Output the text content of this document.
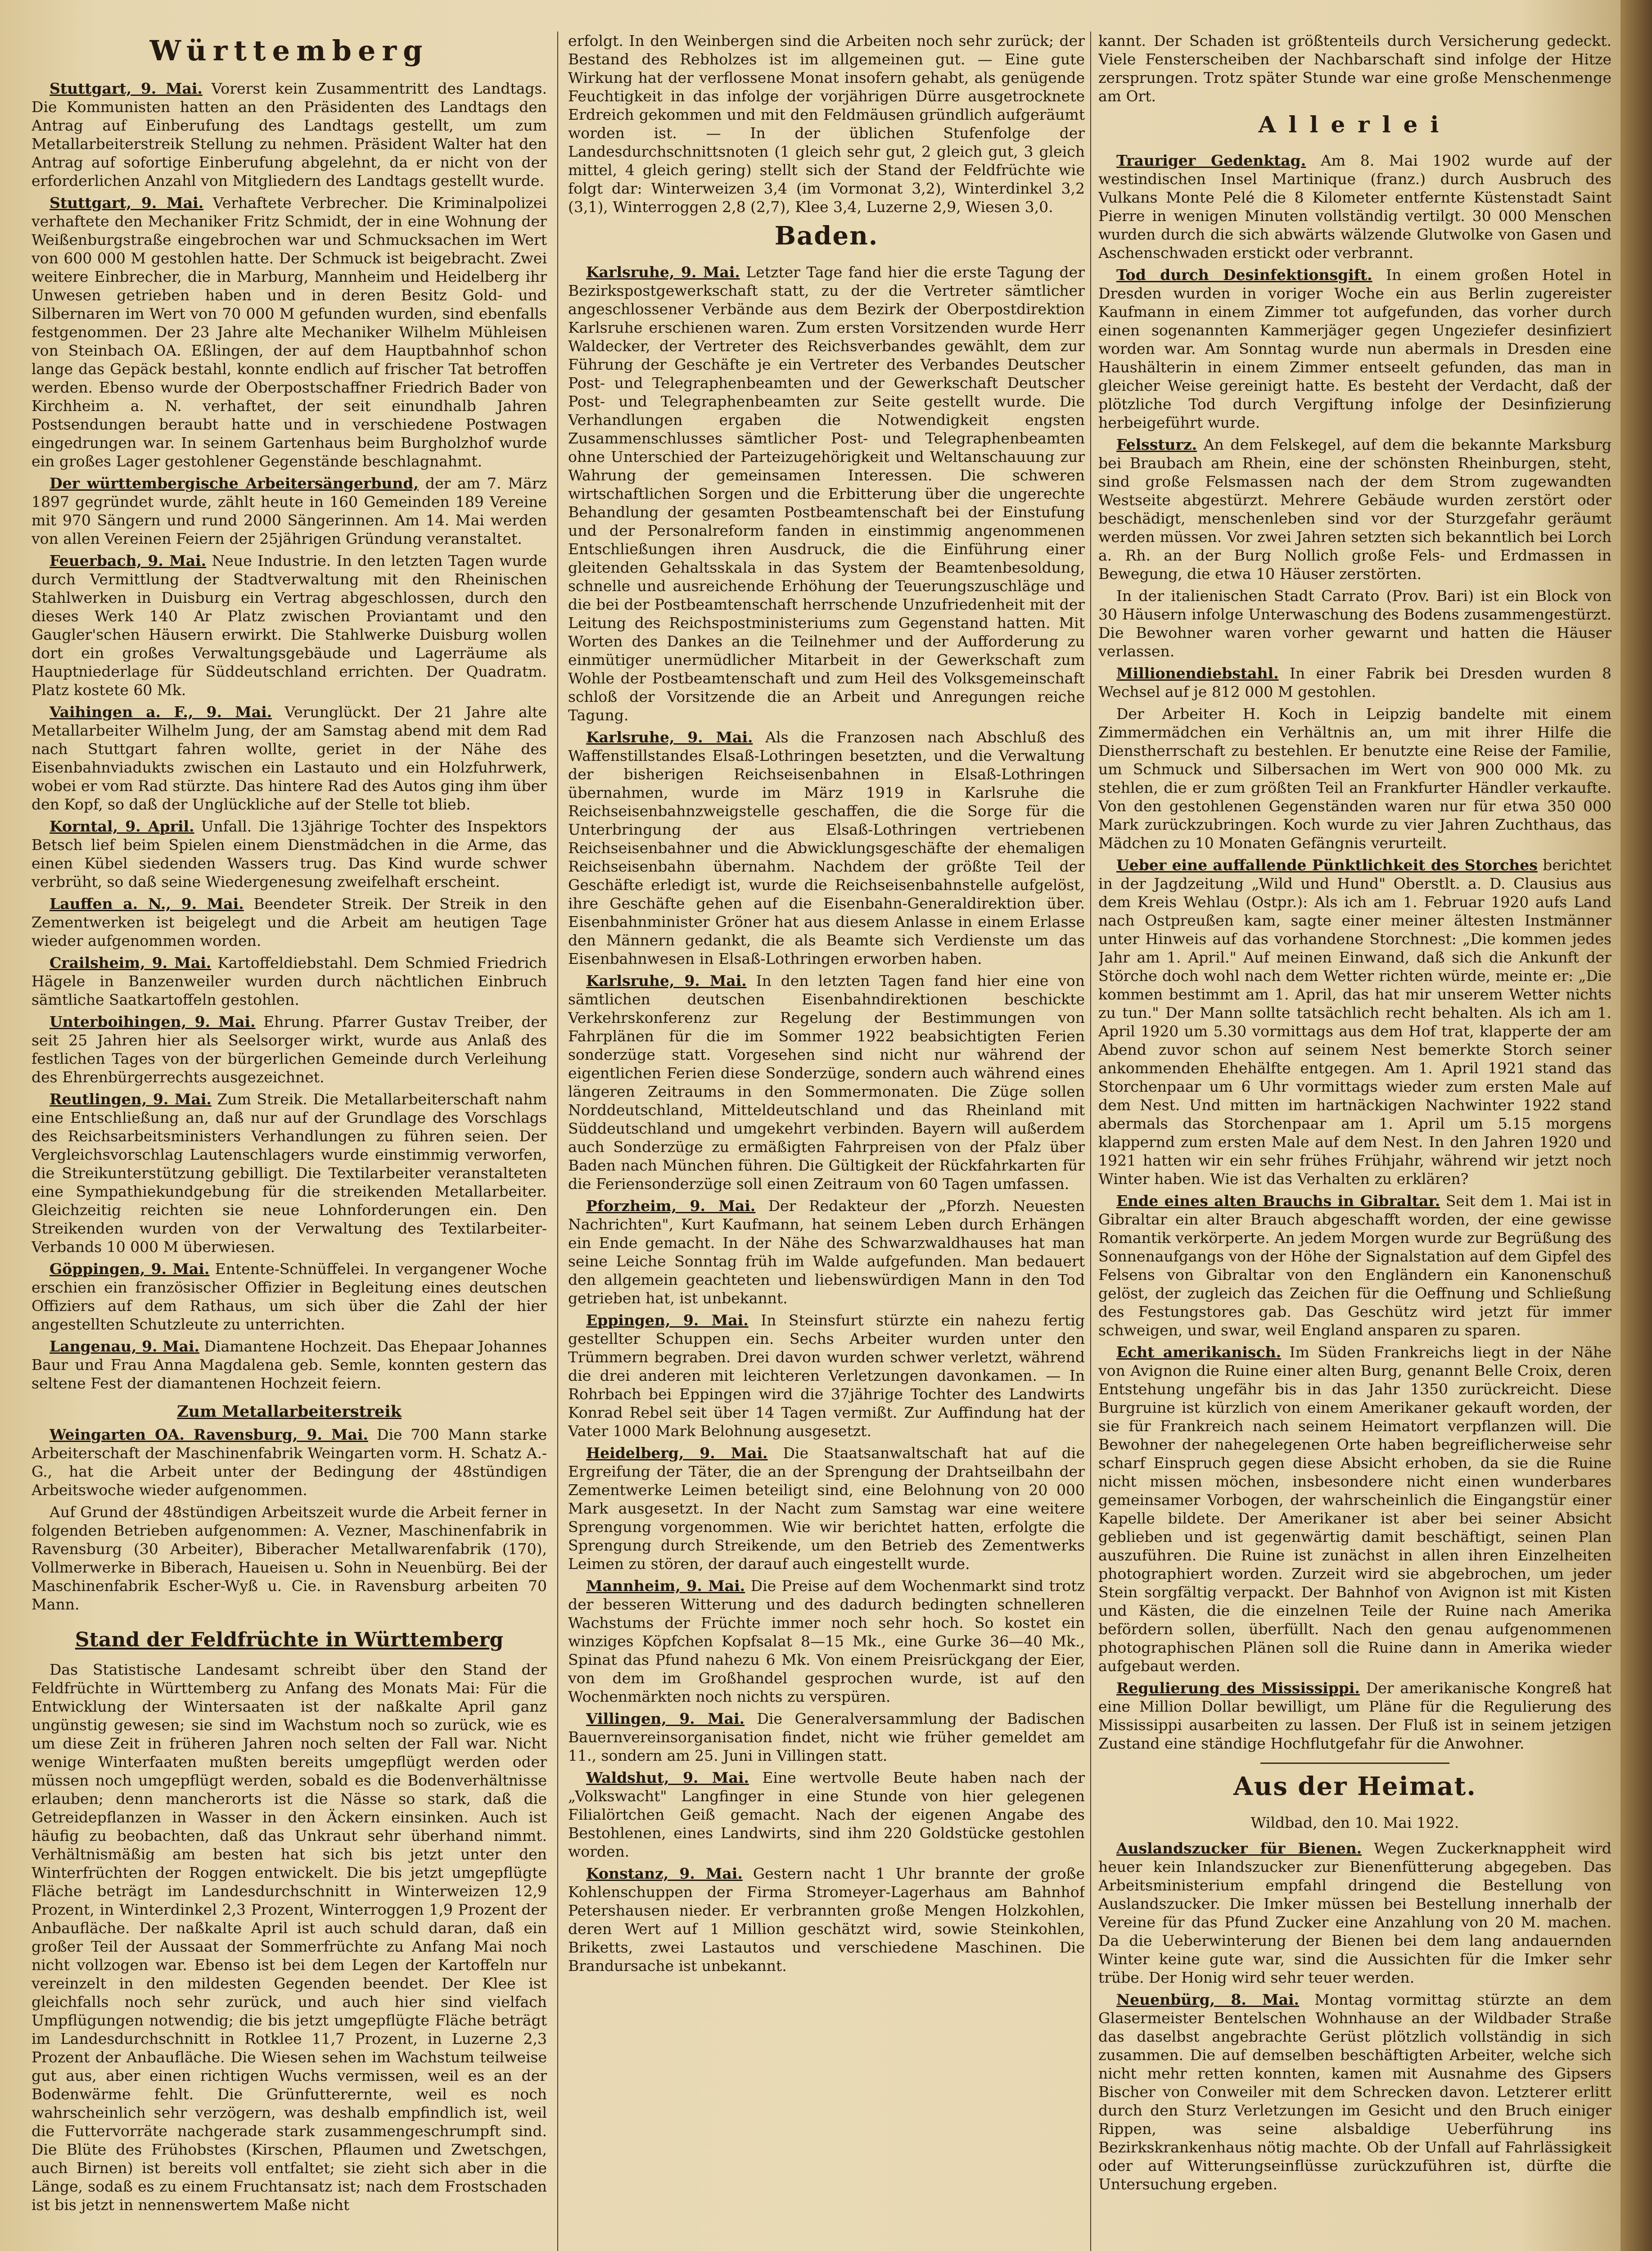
Württemberg

Stuttgart, 9. Mai. Vorerst kein Zusammentritt des Landtags. Die Kommunisten hatten an den Präsidenten des Landtags den Antrag auf Einberufung des Landtags gestellt, um zum Metallarbeiterstreik Stellung zu nehmen. Präsident Walter hat den Antrag auf sofortige Einberufung abgelehnt, da er nicht von der erforderlichen Anzahl von Mitgliedern des Landtags gestellt wurde.

Stuttgart, 9. Mai. Verhaftete Verbrecher. Die Kriminalpolizei verhaftete den Mechaniker Fritz Schmidt, der in eine Wohnung der Weißenburgstraße eingebrochen war und Schmucksachen im Wert von 600 000 M gestohlen hatte. Der Schmuck ist beigebracht. Zwei weitere Einbrecher, die in Marburg, Mannheim und Heidelberg ihr Unwesen getrieben haben und in deren Besitz Gold- und Silbernaren im Wert von 70 000 M gefunden wurden, sind ebenfalls festgenommen. Der 23 Jahre alte Mechaniker Wilhelm Mühleisen von Steinbach OA. Eßlingen, der auf dem Hauptbahnhof schon lange das Gepäck bestahl, konnte endlich auf frischer Tat betroffen werden. Ebenso wurde der Oberpostschaffner Friedrich Bader von Kirchheim a. N. verhaftet, der seit einundhalb Jahren Postsendungen beraubt hatte und in verschiedene Postwagen eingedrungen war. In seinem Gartenhaus beim Burgholzhof wurde ein großes Lager gestohlener Gegenstände beschlagnahmt.

Der württembergische Arbeitersängerbund, der am 7. März 1897 gegründet wurde, zählt heute in 160 Gemeinden 189 Vereine mit 970 Sängern und rund 2000 Sängerinnen. Am 14. Mai werden von allen Vereinen Feiern der 25jährigen Gründung veranstaltet.

Feuerbach, 9. Mai. Neue Industrie. In den letzten Tagen wurde durch Vermittlung der Stadtverwaltung mit den Rheinischen Stahlwerken in Duisburg ein Vertrag abgeschlossen, durch den dieses Werk 140 Ar Platz zwischen Proviantamt und den Gaugler'schen Häusern erwirkt. Die Stahlwerke Duisburg wollen dort ein großes Verwaltungsgebäude und Lagerräume als Hauptniederlage für Süddeutschland errichten. Der Quadratm. Platz kostete 60 Mk.

Vaihingen a. F., 9. Mai. Verunglückt. Der 21 Jahre alte Metallarbeiter Wilhelm Jung, der am Samstag abend mit dem Rad nach Stuttgart fahren wollte, geriet in der Nähe des Eisenbahnviadukts zwischen ein Lastauto und ein Holzfuhrwerk, wobei er vom Rad stürzte. Das hintere Rad des Autos ging ihm über den Kopf, so daß der Unglückliche auf der Stelle tot blieb.

Korntal, 9. April. Unfall. Die 13jährige Tochter des Inspektors Betsch lief beim Spielen einem Dienstmädchen in die Arme, das einen Kübel siedenden Wassers trug. Das Kind wurde schwer verbrüht, so daß seine Wiedergenesung zweifelhaft erscheint.

Lauffen a. N., 9. Mai. Beendeter Streik. Der Streik in den Zementwerken ist beigelegt und die Arbeit am heutigen Tage wieder aufgenommen worden.

Crailsheim, 9. Mai. Kartoffeldiebstahl. Dem Schmied Friedrich Hägele in Banzenweiler wurden durch nächtlichen Einbruch sämtliche Saatkartoffeln gestohlen.

Unterboihingen, 9. Mai. Ehrung. Pfarrer Gustav Treiber, der seit 25 Jahren hier als Seelsorger wirkt, wurde aus Anlaß des festlichen Tages von der bürgerlichen Gemeinde durch Verleihung des Ehrenbürgerrechts ausgezeichnet.

Reutlingen, 9. Mai. Zum Streik. Die Metallarbeiterschaft nahm eine Entschließung an, daß nur auf der Grundlage des Vorschlags des Reichsarbeitsministers Verhandlungen zu führen seien. Der Vergleichsvorschlag Lautenschlagers wurde einstimmig verworfen, die Streikunterstützung gebilligt. Die Textilarbeiter veranstalteten eine Sympathiekundgebung für die streikenden Metallarbeiter. Gleichzeitig reichten sie neue Lohnforderungen ein. Den Streikenden wurden von der Verwaltung des Textilarbeiter-Verbands 10 000 M überwiesen.

Göppingen, 9. Mai. Entente-Schnüffelei. In vergangener Woche erschien ein französischer Offizier in Begleitung eines deutschen Offiziers auf dem Rathaus, um sich über die Zahl der hier angestellten Schutzleute zu unterrichten.

Langenau, 9. Mai. Diamantene Hochzeit. Das Ehepaar Johannes Baur und Frau Anna Magdalena geb. Semle, konnten gestern das seltene Fest der diamantenen Hochzeit feiern.

Zum Metallarbeiterstreik

Weingarten OA. Ravensburg, 9. Mai. Die 700 Mann starke Arbeiterschaft der Maschinenfabrik Weingarten vorm. H. Schatz A.-G., hat die Arbeit unter der Bedingung der 48stündigen Arbeitswoche wieder aufgenommen.

Auf Grund der 48stündigen Arbeitszeit wurde die Arbeit ferner in folgenden Betrieben aufgenommen: A. Vezner, Maschinenfabrik in Ravensburg (30 Arbeiter), Biberacher Metallwarenfabrik (170), Vollmerwerke in Biberach, Haueisen u. Sohn in Neuenbürg. Bei der Maschinenfabrik Escher-Wyß u. Cie. in Ravensburg arbeiten 70 Mann.

Stand der Feldfrüchte in Württemberg

Das Statistische Landesamt schreibt über den Stand der Feldfrüchte in Württemberg zu Anfang des Monats Mai: Für die Entwicklung der Wintersaaten ist der naßkalte April ganz ungünstig gewesen; sie sind im Wachstum noch so zurück, wie es um diese Zeit in früheren Jahren noch selten der Fall war. Nicht wenige Winterfaaten mußten bereits umgepflügt werden oder müssen noch umgepflügt werden, sobald es die Bodenverhältnisse erlauben; denn mancherorts ist die Nässe so stark, daß die Getreidepflanzen in Wasser in den Äckern einsinken. Auch ist häufig zu beobachten, daß das Unkraut sehr überhand nimmt. Verhältnismäßig am besten hat sich bis jetzt unter den Winterfrüchten der Roggen entwickelt. Die bis jetzt umgepflügte Fläche beträgt im Landesdurchschnitt in Winterweizen 12,9 Prozent, in Winterdinkel 2,3 Prozent, Winterroggen 1,9 Prozent der Anbaufläche. Der naßkalte April ist auch schuld daran, daß ein großer Teil der Aussaat der Sommerfrüchte zu Anfang Mai noch nicht vollzogen war. Ebenso ist bei dem Legen der Kartoffeln nur vereinzelt in den mildesten Gegenden beendet. Der Klee ist gleichfalls noch sehr zurück, und auch hier sind vielfach Umpflügungen notwendig; die bis jetzt umgepflügte Fläche beträgt im Landesdurchschnitt in Rotklee 11,7 Prozent, in Luzerne 2,3 Prozent der Anbaufläche. Die Wiesen sehen im Wachstum teilweise gut aus, aber einen richtigen Wuchs vermissen, weil es an der Bodenwärme fehlt. Die Grünfutterernte, weil es noch wahrscheinlich sehr verzögern, was deshalb empfindlich ist, weil die Futtervorräte nachgerade stark zusammengeschrumpft sind. Die Blüte des Frühobstes (Kirschen, Pflaumen und Zwetschgen, auch Birnen) ist bereits voll entfaltet; sie zieht sich aber in die Länge, sodaß es zu einem Fruchtansatz ist; nach dem Frostschaden ist bis jetzt in nennenswertem Maße nicht

erfolgt. In den Weinbergen sind die Arbeiten noch sehr zurück; der Bestand des Rebholzes ist im allgemeinen gut. — Eine gute Wirkung hat der verflossene Monat insofern gehabt, als genügende Feuchtigkeit in das infolge der vorjährigen Dürre ausgetrocknete Erdreich gekommen und mit den Feldmäusen gründlich aufgeräumt worden ist. — In der üblichen Stufenfolge der Landesdurchschnittsnoten (1 gleich sehr gut, 2 gleich gut, 3 gleich mittel, 4 gleich gering) stellt sich der Stand der Feldfrüchte wie folgt dar: Winterweizen 3,4 (im Vormonat 3,2), Winterdinkel 3,2 (3,1), Winterroggen 2,8 (2,7), Klee 3,4, Luzerne 2,9, Wiesen 3,0.

Baden.

Karlsruhe, 9. Mai. Letzter Tage fand hier die erste Tagung der Bezirkspostgewerkschaft statt, zu der die Vertreter sämtlicher angeschlossener Verbände aus dem Bezirk der Oberpostdirektion Karlsruhe erschienen waren. Zum ersten Vorsitzenden wurde Herr Waldecker, der Vertreter des Reichsverbandes gewählt, dem zur Führung der Geschäfte je ein Vertreter des Verbandes Deutscher Post- und Telegraphenbeamten und der Gewerkschaft Deutscher Post- und Telegraphenbeamten zur Seite gestellt wurde. Die Verhandlungen ergaben die Notwendigkeit engsten Zusammenschlusses sämtlicher Post- und Telegraphenbeamten ohne Unterschied der Parteizugehörigkeit und Weltanschauung zur Wahrung der gemeinsamen Interessen. Die schweren wirtschaftlichen Sorgen und die Erbitterung über die ungerechte Behandlung der gesamten Postbeamtenschaft bei der Einstufung und der Personalreform fanden in einstimmig angenommenen Entschließungen ihren Ausdruck, die die Einführung einer gleitenden Gehaltsskala in das System der Beamtenbesoldung, schnelle und ausreichende Erhöhung der Teuerungszuschläge und die bei der Postbeamtenschaft herrschende Unzufriedenheit mit der Leitung des Reichspostministeriums zum Gegenstand hatten. Mit Worten des Dankes an die Teilnehmer und der Aufforderung zu einmütiger unermüdlicher Mitarbeit in der Gewerkschaft zum Wohle der Postbeamtenschaft und zum Heil des Volksgemeinschaft schloß der Vorsitzende die an Arbeit und Anregungen reiche Tagung.

Karlsruhe, 9. Mai. Als die Franzosen nach Abschluß des Waffenstillstandes Elsaß-Lothringen besetzten, und die Verwaltung der bisherigen Reichseisenbahnen in Elsaß-Lothringen übernahmen, wurde im März 1919 in Karlsruhe die Reichseisenbahnzweigstelle geschaffen, die die Sorge für die Unterbringung der aus Elsaß-Lothringen vertriebenen Reichseisenbahner und die Abwicklungsgeschäfte der ehemaligen Reichseisenbahn übernahm. Nachdem der größte Teil der Geschäfte erledigt ist, wurde die Reichseisenbahnstelle aufgelöst, ihre Geschäfte gehen auf die Eisenbahn-Generaldirektion über. Eisenbahnminister Gröner hat aus diesem Anlasse in einem Erlasse den Männern gedankt, die als Beamte sich Verdienste um das Eisenbahnwesen in Elsaß-Lothringen erworben haben.

Karlsruhe, 9. Mai. In den letzten Tagen fand hier eine von sämtlichen deutschen Eisenbahndirektionen beschickte Verkehrskonferenz zur Regelung der Bestimmungen von Fahrplänen für die im Sommer 1922 beabsichtigten Ferien sonderzüge statt. Vorgesehen sind nicht nur während der eigentlichen Ferien diese Sonderzüge, sondern auch während eines längeren Zeitraums in den Sommermonaten. Die Züge sollen Norddeutschland, Mitteldeutschland und das Rheinland mit Süddeutschland und umgekehrt verbinden. Bayern will außerdem auch Sonderzüge zu ermäßigten Fahrpreisen von der Pfalz über Baden nach München führen. Die Gültigkeit der Rückfahrkarten für die Feriensonderzüge soll einen Zeitraum von 60 Tagen umfassen.

Pforzheim, 9. Mai. Der Redakteur der „Pforzh. Neuesten Nachrichten", Kurt Kaufmann, hat seinem Leben durch Erhängen ein Ende gemacht. In der Nähe des Schwarzwaldhauses hat man seine Leiche Sonntag früh im Walde aufgefunden. Man bedauert den allgemein geachteten und liebenswürdigen Mann in den Tod getrieben hat, ist unbekannt.

Eppingen, 9. Mai. In Steinsfurt stürzte ein nahezu fertig gestellter Schuppen ein. Sechs Arbeiter wurden unter den Trümmern begraben. Drei davon wurden schwer verletzt, während die drei anderen mit leichteren Verletzungen davonkamen. — In Rohrbach bei Eppingen wird die 37jährige Tochter des Landwirts Konrad Rebel seit über 14 Tagen vermißt. Zur Auffindung hat der Vater 1000 Mark Belohnung ausgesetzt.

Heidelberg, 9. Mai. Die Staatsanwaltschaft hat auf die Ergreifung der Täter, die an der Sprengung der Drahtseilbahn der Zementwerke Leimen beteiligt sind, eine Belohnung von 20 000 Mark ausgesetzt. In der Nacht zum Samstag war eine weitere Sprengung vorgenommen. Wie wir berichtet hatten, erfolgte die Sprengung durch Streikende, um den Betrieb des Zementwerks Leimen zu stören, der darauf auch eingestellt wurde.

Mannheim, 9. Mai. Die Preise auf dem Wochenmarkt sind trotz der besseren Witterung und des dadurch bedingten schnelleren Wachstums der Früchte immer noch sehr hoch. So kostet ein winziges Köpfchen Kopfsalat 8—15 Mk., eine Gurke 36—40 Mk., Spinat das Pfund nahezu 6 Mk. Von einem Preisrückgang der Eier, von dem im Großhandel gesprochen wurde, ist auf den Wochenmärkten noch nichts zu verspüren.

Villingen, 9. Mai. Die Generalversammlung der Badischen Bauernvereinsorganisation findet, nicht wie früher gemeldet am 11., sondern am 25. Juni in Villingen statt.

Waldshut, 9. Mai. Eine wertvolle Beute haben nach der „Volkswacht" Langfinger in eine Stunde von hier gelegenen Filialörtchen Geiß gemacht. Nach der eigenen Angabe des Bestohlenen, eines Landwirts, sind ihm 220 Goldstücke gestohlen worden.

Konstanz, 9. Mai. Gestern nacht 1 Uhr brannte der große Kohlenschuppen der Firma Stromeyer-Lagerhaus am Bahnhof Petershausen nieder. Er verbrannten große Mengen Holzkohlen, deren Wert auf 1 Million geschätzt wird, sowie Steinkohlen, Briketts, zwei Lastautos und verschiedene Maschinen. Die Brandursache ist unbekannt.

kannt. Der Schaden ist größtenteils durch Versicherung gedeckt. Viele Fensterscheiben der Nachbarschaft sind infolge der Hitze zersprungen. Trotz später Stunde war eine große Menschenmenge am Ort.

Allerlei

Trauriger Gedenktag. Am 8. Mai 1902 wurde auf der westindischen Insel Martinique (franz.) durch Ausbruch des Vulkans Monte Pelé die 8 Kilometer entfernte Küstenstadt Saint Pierre in wenigen Minuten vollständig vertilgt. 30 000 Menschen wurden durch die sich abwärts wälzende Glutwolke von Gasen und Aschenschwaden erstickt oder verbrannt.

Tod durch Desinfektionsgift. In einem großen Hotel in Dresden wurden in voriger Woche ein aus Berlin zugereister Kaufmann in einem Zimmer tot aufgefunden, das vorher durch einen sogenannten Kammerjäger gegen Ungeziefer desinfiziert worden war. Am Sonntag wurde nun abermals in Dresden eine Haushälterin in einem Zimmer entseelt gefunden, das man in gleicher Weise gereinigt hatte. Es besteht der Verdacht, daß der plötzliche Tod durch Vergiftung infolge der Desinfizierung herbeigeführt wurde.

Felssturz. An dem Felskegel, auf dem die bekannte Marksburg bei Braubach am Rhein, eine der schönsten Rheinburgen, steht, sind große Felsmassen nach der dem Strom zugewandten Westseite abgestürzt. Mehrere Gebäude wurden zerstört oder beschädigt, menschenleben sind vor der Sturzgefahr geräumt werden müssen. Vor zwei Jahren setzten sich bekanntlich bei Lorch a. Rh. an der Burg Nollich große Fels- und Erdmassen in Bewegung, die etwa 10 Häuser zerstörten.

In der italienischen Stadt Carrato (Prov. Bari) ist ein Block von 30 Häusern infolge Unterwaschung des Bodens zusammengestürzt. Die Bewohner waren vorher gewarnt und hatten die Häuser verlassen.

Millionendiebstahl. In einer Fabrik bei Dresden wurden 8 Wechsel auf je 812 000 M gestohlen.

Der Arbeiter H. Koch in Leipzig bandelte mit einem Zimmermädchen ein Verhältnis an, um mit ihrer Hilfe die Dienstherrschaft zu bestehlen. Er benutzte eine Reise der Familie, um Schmuck und Silbersachen im Wert von 900 000 Mk. zu stehlen, die er zum größten Teil an Frankfurter Händler verkaufte. Von den gestohlenen Gegenständen waren nur für etwa 350 000 Mark zurückzubringen. Koch wurde zu vier Jahren Zuchthaus, das Mädchen zu 10 Monaten Gefängnis verurteilt.

Ueber eine auffallende Pünktlichkeit des Storches berichtet in der Jagdzeitung „Wild und Hund" Oberstlt. a. D. Clausius aus dem Kreis Wehlau (Ostpr.): Als ich am 1. Februar 1920 aufs Land nach Ostpreußen kam, sagte einer meiner ältesten Instmänner unter Hinweis auf das vorhandene Storchnest: „Die kommen jedes Jahr am 1. April." Auf meinen Einwand, daß sich die Ankunft der Störche doch wohl nach dem Wetter richten würde, meinte er: „Die kommen bestimmt am 1. April, das hat mir unserem Wetter nichts zu tun." Der Mann sollte tatsächlich recht behalten. Als ich am 1. April 1920 um 5.30 vormittags aus dem Hof trat, klapperte der am Abend zuvor schon auf seinem Nest bemerkte Storch seiner ankommenden Ehehälfte entgegen. Am 1. April 1921 stand das Storchenpaar um 6 Uhr vormittags wieder zum ersten Male auf dem Nest. Und mitten im hartnäckigen Nachwinter 1922 stand abermals das Storchenpaar am 1. April um 5.15 morgens klappernd zum ersten Male auf dem Nest. In den Jahren 1920 und 1921 hatten wir ein sehr frühes Frühjahr, während wir jetzt noch Winter haben. Wie ist das Verhalten zu erklären?

Ende eines alten Brauchs in Gibraltar. Seit dem 1. Mai ist in Gibraltar ein alter Brauch abgeschafft worden, der eine gewisse Romantik verkörperte. An jedem Morgen wurde zur Begrüßung des Sonnenaufgangs von der Höhe der Signalstation auf dem Gipfel des Felsens von Gibraltar von den Engländern ein Kanonenschuß gelöst, der zugleich das Zeichen für die Oeffnung und Schließung des Festungstores gab. Das Geschütz wird jetzt für immer schweigen, und swar, weil England ansparen zu sparen.

Echt amerikanisch. Im Süden Frankreichs liegt in der Nähe von Avignon die Ruine einer alten Burg, genannt Belle Croix, deren Entstehung ungefähr bis in das Jahr 1350 zurückreicht. Diese Burgruine ist kürzlich von einem Amerikaner gekauft worden, der sie für Frankreich nach seinem Heimatort verpflanzen will. Die Bewohner der nahegelegenen Orte haben begreiflicherweise sehr scharf Einspruch gegen diese Absicht erhoben, da sie die Ruine nicht missen möchen, insbesondere nicht einen wunderbares gemeinsamer Vorbogen, der wahrscheinlich die Eingangstür einer Kapelle bildete. Der Amerikaner ist aber bei seiner Absicht geblieben und ist gegenwärtig damit beschäftigt, seinen Plan auszuführen. Die Ruine ist zunächst in allen ihren Einzelheiten photographiert worden. Zurzeit wird sie abgebrochen, um jeder Stein sorgfältig verpackt. Der Bahnhof von Avignon ist mit Kisten und Kästen, die die einzelnen Teile der Ruine nach Amerika befördern sollen, überfüllt. Nach den genau aufgenommenen photographischen Plänen soll die Ruine dann in Amerika wieder aufgebaut werden.

Regulierung des Mississippi. Der amerikanische Kongreß hat eine Million Dollar bewilligt, um Pläne für die Regulierung des Mississippi ausarbeiten zu lassen. Der Fluß ist in seinem jetzigen Zustand eine ständige Hochflutgefahr für die Anwohner.

Aus der Heimat.

Wildbad, den 10. Mai 1922.

Auslandszucker für Bienen. Wegen Zuckerknappheit wird heuer kein Inlandszucker zur Bienenfütterung abgegeben. Das Arbeitsministerium empfahl dringend die Bestellung von Auslandszucker. Die Imker müssen bei Bestellung innerhalb der Vereine für das Pfund Zucker eine Anzahlung von 20 M. machen. Da die Ueberwinterung der Bienen bei dem lang andauernden Winter keine gute war, sind die Aussichten für die Imker sehr trübe. Der Honig wird sehr teuer werden.

Neuenbürg, 8. Mai. Montag vormittag stürzte an dem Glasermeister Bentelschen Wohnhause an der Wildbader Straße das daselbst angebrachte Gerüst plötzlich vollständig in sich zusammen. Die auf demselben beschäftigten Arbeiter, welche sich nicht mehr retten konnten, kamen mit Ausnahme des Gipsers Bischer von Conweiler mit dem Schrecken davon. Letzterer erlitt durch den Sturz Verletzungen im Gesicht und den Bruch einiger Rippen, was seine alsbaldige Ueberführung ins Bezirkskrankenhaus nötig machte. Ob der Unfall auf Fahrlässigkeit oder auf Witterungseinflüsse zurückzuführen ist, dürfte die Untersuchung ergeben.
